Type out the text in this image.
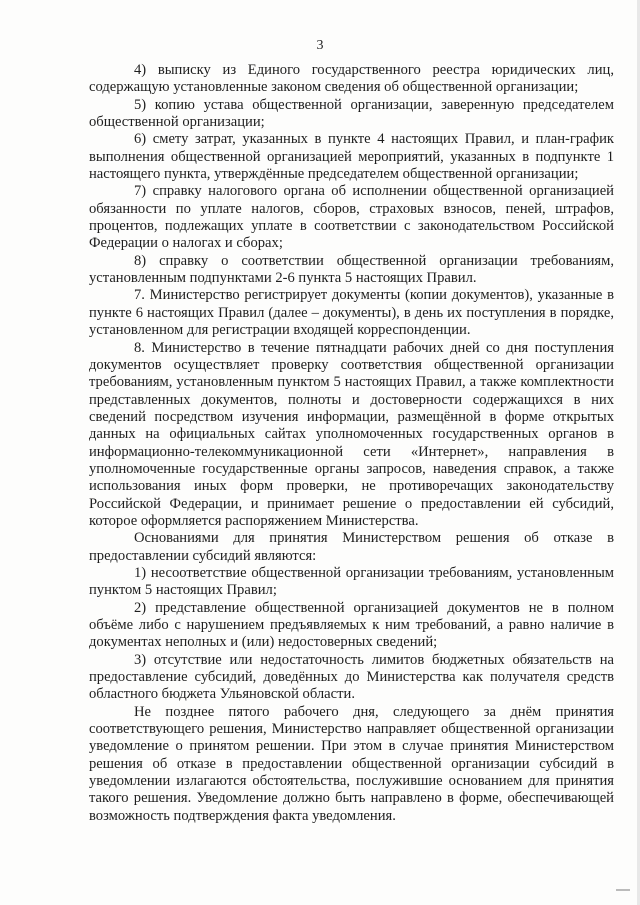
3

4) выписку из Единого государственного реестра юридических лиц, содержащую установленные законом сведения об общественной организации;

5) копию устава общественной организации, заверенную председателем общественной организации;

6) смету затрат, указанных в пункте 4 настоящих Правил, и план-график выполнения общественной организацией мероприятий, указанных в подпункте 1 настоящего пункта, утверждённые председателем общественной организации;

7) справку налогового органа об исполнении общественной организацией обязанности по уплате налогов, сборов, страховых взносов, пеней, штрафов, процентов, подлежащих уплате в соответствии с законодательством Российской Федерации о налогах и сборах;

8) справку о соответствии общественной организации требованиям, установленным подпунктами 2-6 пункта 5 настоящих Правил.

7. Министерство регистрирует документы (копии документов), указанные в пункте 6 настоящих Правил (далее – документы), в день их поступления в порядке, установленном для регистрации входящей корреспонденции.

8. Министерство в течение пятнадцати рабочих дней со дня поступления документов осуществляет проверку соответствия общественной организации требованиям, установленным пунктом 5 настоящих Правил, а также комплектности представленных документов, полноты и достоверности содержащихся в них сведений посредством изучения информации, размещённой в форме открытых данных на официальных сайтах уполномоченных государственных органов в информационно-телекоммуникационной сети «Интернет», направления в уполномоченные государственные органы запросов, наведения справок, а также использования иных форм проверки, не противоречащих законодательству Российской Федерации, и принимает решение о предоставлении ей субсидий, которое оформляется распоряжением Министерства.

Основаниями для принятия Министерством решения об отказе в предоставлении субсидий являются:

1) несоответствие общественной организации требованиям, установленным пунктом 5 настоящих Правил;

2) представление общественной организацией документов не в полном объёме либо с нарушением предъявляемых к ним требований, а равно наличие в документах неполных и (или) недостоверных сведений;

3) отсутствие или недостаточность лимитов бюджетных обязательств на предоставление субсидий, доведённых до Министерства как получателя средств областного бюджета Ульяновской области.

Не позднее пятого рабочего дня, следующего за днём принятия соответствующего решения, Министерство направляет общественной организации уведомление о принятом решении. При этом в случае принятия Министерством решения об отказе в предоставлении общественной организации субсидий в уведомлении излагаются обстоятельства, послужившие основанием для принятия такого решения. Уведомление должно быть направлено в форме, обеспечивающей возможность подтверждения факта уведомления.
